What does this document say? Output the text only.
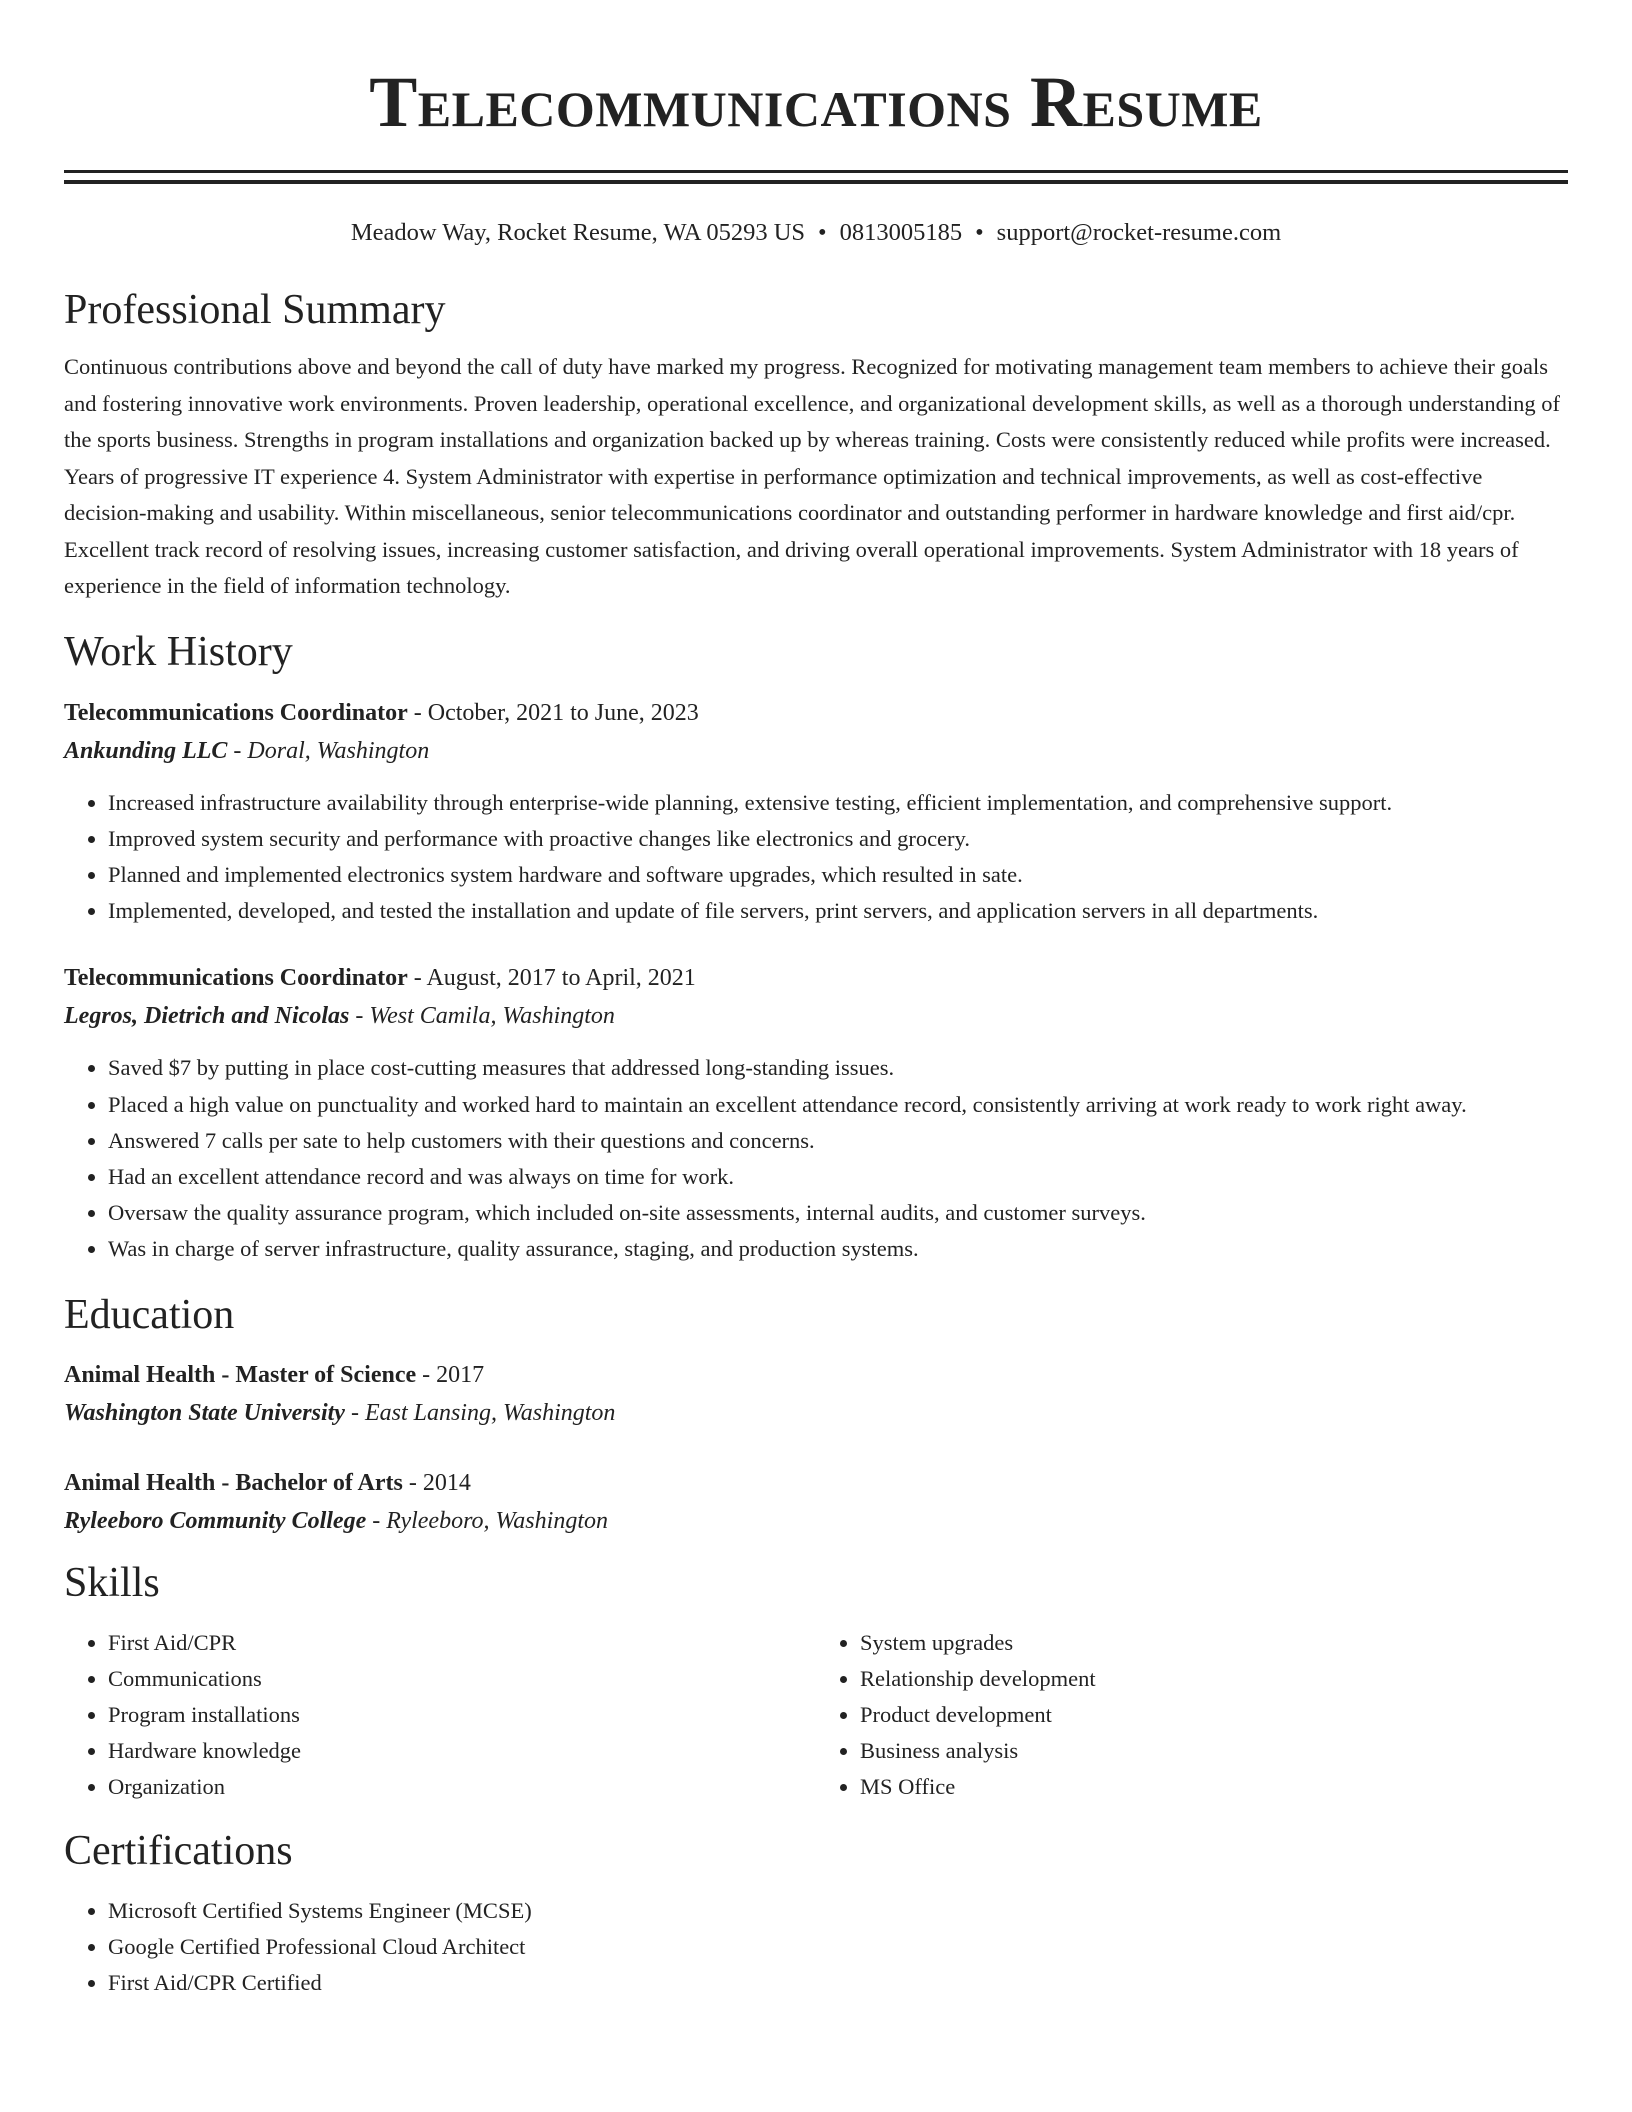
Telecommunications Resume
Meadow Way, Rocket Resume, WA 05293 US • 0813005185 • support@rocket-resume.com
Professional Summary

Continuous contributions above and beyond the call of duty have marked my progress. Recognized for motivating management team members to achieve their goals and fostering innovative work environments. Proven leadership, operational excellence, and organizational development skills, as well as a thorough understanding of the sports business. Strengths in program installations and organization backed up by whereas training. Costs were consistently reduced while profits were increased. Years of progressive IT experience 4. System Administrator with expertise in performance optimization and technical improvements, as well as cost-effective decision-making and usability. Within miscellaneous, senior telecommunications coordinator and outstanding performer in hardware knowledge and first aid/cpr. Excellent track record of resolving issues, increasing customer satisfaction, and driving overall operational improvements. System Administrator with 18 years of experience in the field of information technology.

Work History
Telecommunications Coordinator - October, 2021 to June, 2023
Ankunding LLC - Doral, Washington
• Increased infrastructure availability through enterprise-wide planning, extensive testing, efficient implementation, and comprehensive support.
• Improved system security and performance with proactive changes like electronics and grocery.
• Planned and implemented electronics system hardware and software upgrades, which resulted in sate.
• Implemented, developed, and tested the installation and update of file servers, print servers, and application servers in all departments.
Telecommunications Coordinator - August, 2017 to April, 2021
Legros, Dietrich and Nicolas - West Camila, Washington
• Saved $7 by putting in place cost-cutting measures that addressed long-standing issues.
• Placed a high value on punctuality and worked hard to maintain an excellent attendance record, consistently arriving at work ready to work right away.
• Answered 7 calls per sate to help customers with their questions and concerns.
• Had an excellent attendance record and was always on time for work.
• Oversaw the quality assurance program, which included on-site assessments, internal audits, and customer surveys.
• Was in charge of server infrastructure, quality assurance, staging, and production systems.
Education
Animal Health - Master of Science - 2017
Washington State University - East Lansing, Washington
Animal Health - Bachelor of Arts - 2014
Ryleeboro Community College - Ryleeboro, Washington
Skills
• First Aid/CPR
• Communications
• Program installations
• Hardware knowledge
• Organization
• System upgrades
• Relationship development
• Product development
• Business analysis
• MS Office
Certifications
• Microsoft Certified Systems Engineer (MCSE)
• Google Certified Professional Cloud Architect
• First Aid/CPR Certified
